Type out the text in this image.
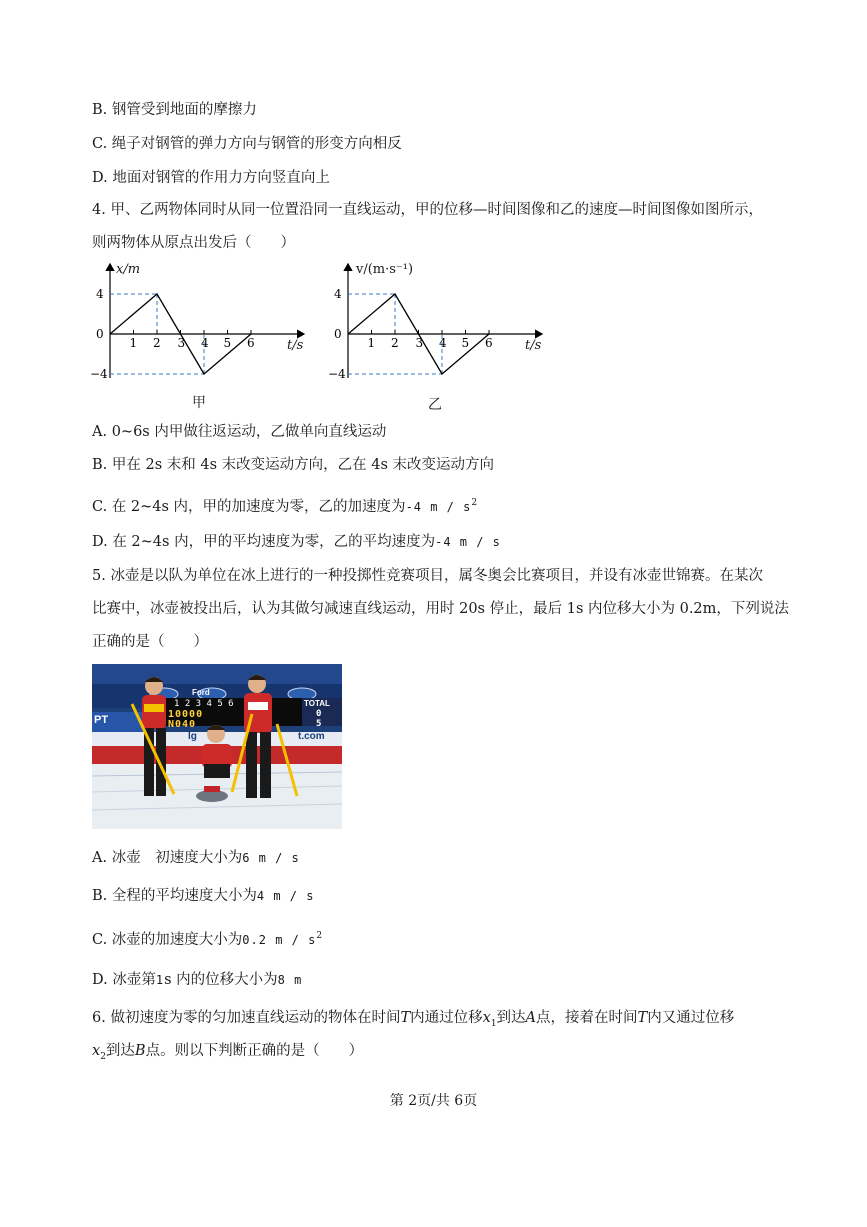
B. 钢管受到地面的摩擦力
C. 绳子对钢管的弹力方向与钢管的形变方向相反
D. 地面对钢管的作用力方向竖直向上
4. 甲、乙两物体同时从同一位置沿同一直线运动，甲的位移—时间图像和乙的速度—时间图像如图所示，
则两物体从原点出发后（　　）
1 2 3 4 5 6
4
0
−4
x/m
t/s
甲
1 2 3 4 5 6
4
0
−4
v/(m·s⁻¹)
t/s
乙
A. 0~6s 内甲做往返运动，乙做单向直线运动
B. 甲在 2s 末和 4s 末改变运动方向，乙在 4s 末改变运动方向
C. 在 2~4s 内，甲的加速度为零，乙的加速度为-4 m / $s^2$
D. 在 2~4s 内，甲的平均速度为零，乙的平均速度为-4 m / s
5. 冰壶是以队为单位在冰上进行的一种投掷性竞赛项目，属冬奥会比赛项目，并设有冰壶世锦赛。在某次
比赛中，冰壶被投出后，认为其做匀减速直线运动，用时 20s 停止，最后 1s 内位移大小为 0.2m，下列说法
正确的是（　　）
Ford
1 2 3 4 5 6
10000
N040
TOTAL
0
5
PT
lg	t.com
A. 冰壶　初速度大小为6 m / s
B. 全程的平均速度大小为4 m / s
C. 冰壶的加速度大小为0.2 m / $s^2$
D. 冰壶第1s 内的位移大小为8 m
6. 做初速度为零的匀加速直线运动的物体在时间T内通过位移$x_1$到达A点，接着在时间T内又通过位移
$x_2$到达B点。则以下判断正确的是（　　）
第 2页/共 6页
